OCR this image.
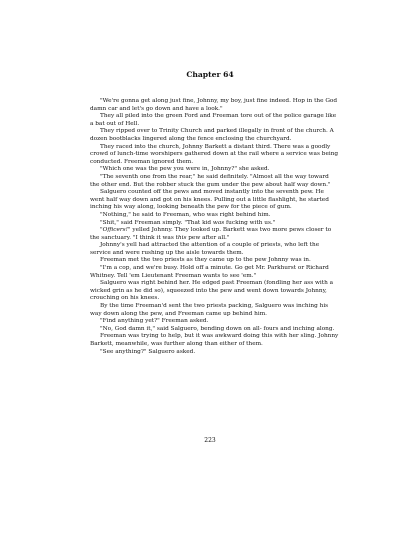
Chapter 64

"We're gonna get along just fine, Johnny, my boy, just fine indeed. Hop in the God damn car and let's go down and have a look."

They all piled into the green Ford and Freeman tore out of the police garage like a bat out of Hell.

They ripped over to Trinity Church and parked illegally in front of the church. A dozen bootblacks lingered along the fence enclosing the churchyard.

They raced into the church, Johnny Barkett a distant third. There was a goodly crowd of lunch-time worshipers gathered down at the rail where a service was being conducted. Freeman ignored them.

"Which one was the pew you were in, Johnny?" she asked.

"The seventh one from the rear," he said definitely. "Almost all the way toward the other end. But the robber stuck the gum under the pew about half way down."

Salguero counted off the pews and moved instantly into the seventh pew. He went half way down and got on his knees. Pulling out a little flashlight, he started inching his way along, looking beneath the pew for the piece of gum.

"Nothing," he said to Freeman, who was right behind him.

"Shit," said Freeman simply. "That kid was fucking with us."

"Officers!" yelled Johnny. They looked up. Barkett was two more pews closer to the sanctuary. "I think it was this pew after all."

Johnny's yell had attracted the attention of a couple of priests, who left the service and were rushing up the aisle towards them.

Freeman met the two priests as they came up to the pew Johnny was in.

"I'm a cop, and we're busy. Hold off a minute. Go get Mr. Parkhurst or Richard Whitney. Tell 'em Lieutenant Freeman wants to see 'em."

Salguero was right behind her. He edged past Freeman (fondling her ass with a wicked grin as he did so), squeezed into the pew and went down towards Johnny, crouching on his knees.

By the time Freeman'd sent the two priests packing, Salguero was inching his way down along the pew, and Freeman came up behind him.

"Find anything yet?" Freeman asked.

"No, God damn it," said Salguero, bending down on all- fours and inching along.

Freeman was trying to help, but it was awkward doing this with her sling. Johnny Barkett, meanwhile, was further along than either of them.

"See anything?" Salguero asked.

223
